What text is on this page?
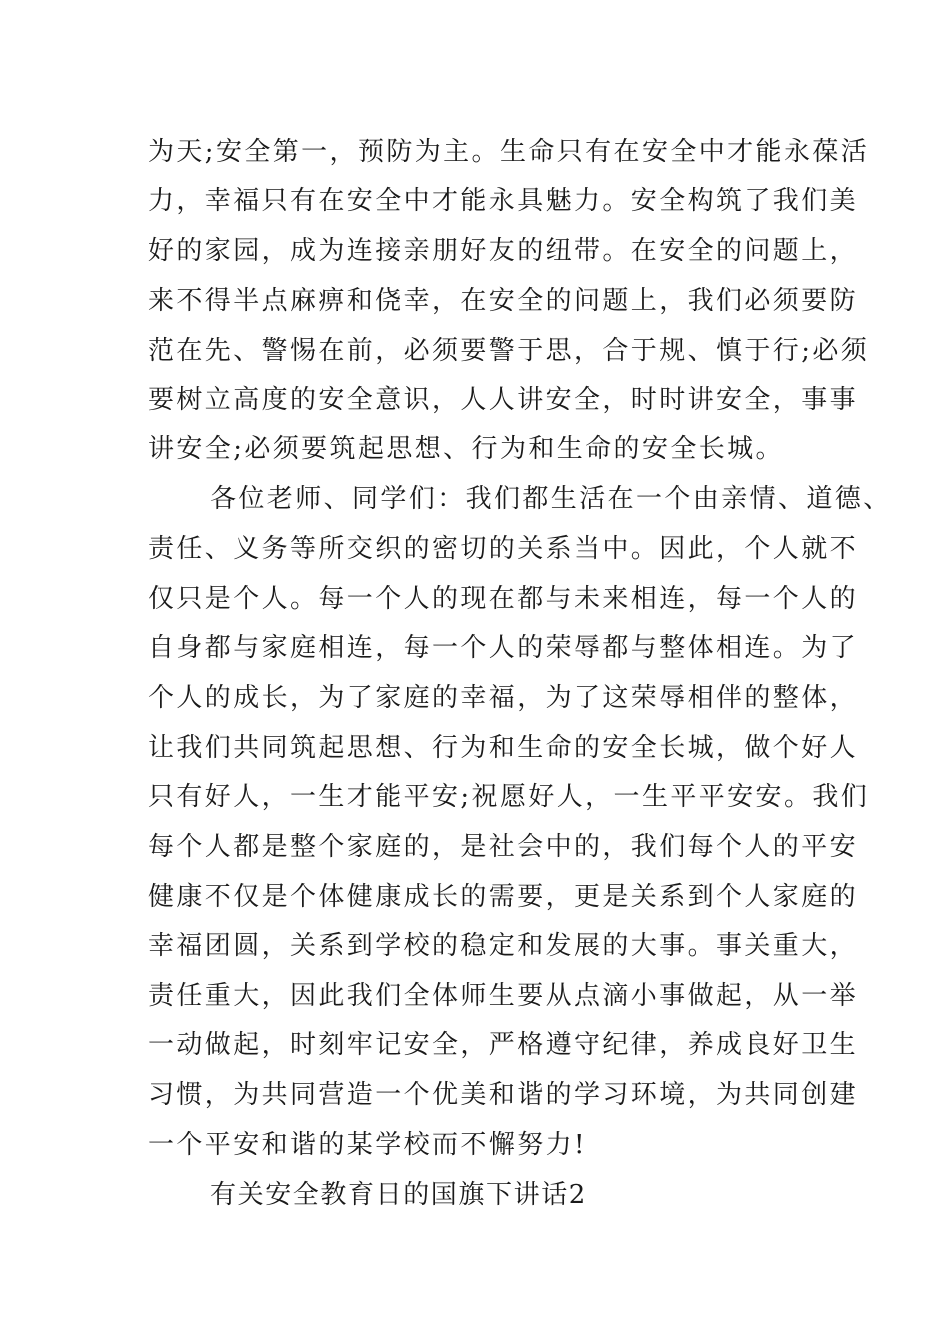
为天;安全第一，预防为主。生命只有在安全中才能永葆活
力，幸福只有在安全中才能永具魅力。安全构筑了我们美
好的家园，成为连接亲朋好友的纽带。在安全的问题上，
来不得半点麻痹和侥幸，在安全的问题上，我们必须要防
范在先、警惕在前，必须要警于思，合于规、慎于行;必须
要树立高度的安全意识，人人讲安全，时时讲安全，事事
讲安全;必须要筑起思想、行为和生命的安全长城。
各位老师、同学们：我们都生活在一个由亲情、道德、
责任、义务等所交织的密切的关系当中。因此，个人就不
仅只是个人。每一个人的现在都与未来相连，每一个人的
自身都与家庭相连，每一个人的荣辱都与整体相连。为了
个人的成长，为了家庭的幸福，为了这荣辱相伴的整体，
让我们共同筑起思想、行为和生命的安全长城，做个好人
只有好人，一生才能平安;祝愿好人，一生平平安安。我们
每个人都是整个家庭的，是社会中的，我们每个人的平安
健康不仅是个体健康成长的需要，更是关系到个人家庭的
幸福团圆，关系到学校的稳定和发展的大事。事关重大，
责任重大，因此我们全体师生要从点滴小事做起，从一举
一动做起，时刻牢记安全，严格遵守纪律，养成良好卫生
习惯，为共同营造一个优美和谐的学习环境，为共同创建
一个平安和谐的某学校而不懈努力!
有关安全教育日的国旗下讲话2
